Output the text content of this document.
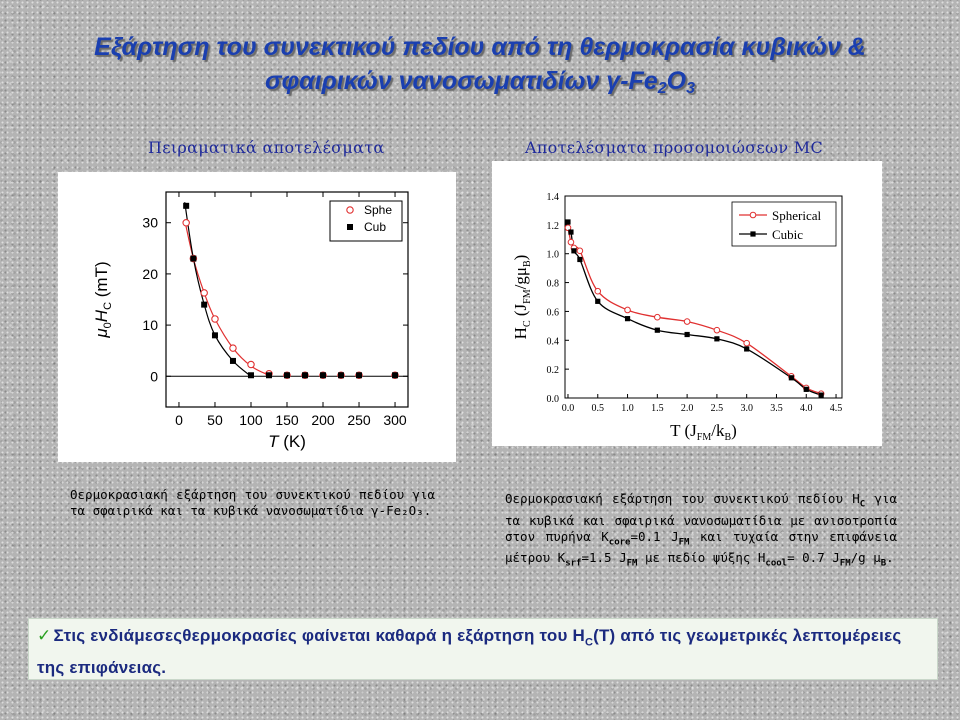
Εξάρτηση του συνεκτικού πεδίου από τη θερμοκρασία κυβικών &
σφαιρικών νανοσωματιδίων $\gamma-Fe_2O_3$
Πειραματικά αποτελέσματα	Αποτελέσματα προσομοιώσεων MC
0 50 100 150 200 250 300
0
10
20
30
Sphe
Cub
T (K)
$\mu_0H_C$ (mT)
0.0 0.5 1.0 1.5 2.0 2.5 3.0 3.5 4.0 4.5
0.0
0.2
0.4
0.6
0.8
1.0
1.2
1.4
Spherical
Cubic
T $(J_{FM}/k_B)$
$H_C$ $(J_{FM}/g\mu_B)$
Θερμοκρασιακή εξάρτηση του συνεκτικού πεδίου για τα σφαιρικά και τα κυβικά νανοσωματίδια γ-Fe₂O₃.
Θερμοκρασιακή εξάρτηση του συνεκτικού πεδίου $H_C$ για τα κυβικά και σφαιρικά νανοσωματίδια με ανισοτροπία στον πυρήνα $K_{core}=0.1$ $J_{FM}$ και τυχαία στην επιφάνεια μέτρου $K_{srf}=1.5$ $J_{FM}$ με πεδίο ψύξης $H_{cool}= 0.7$ $J_{FM}/g$ $\mu_B$.
✓ Στις ενδιάμεσεςθερμοκρασίες φαίνεται καθαρά η εξάρτηση του $H_C(T)$ από τις γεωμετρικές λεπτομέρειες της επιφάνειας.
